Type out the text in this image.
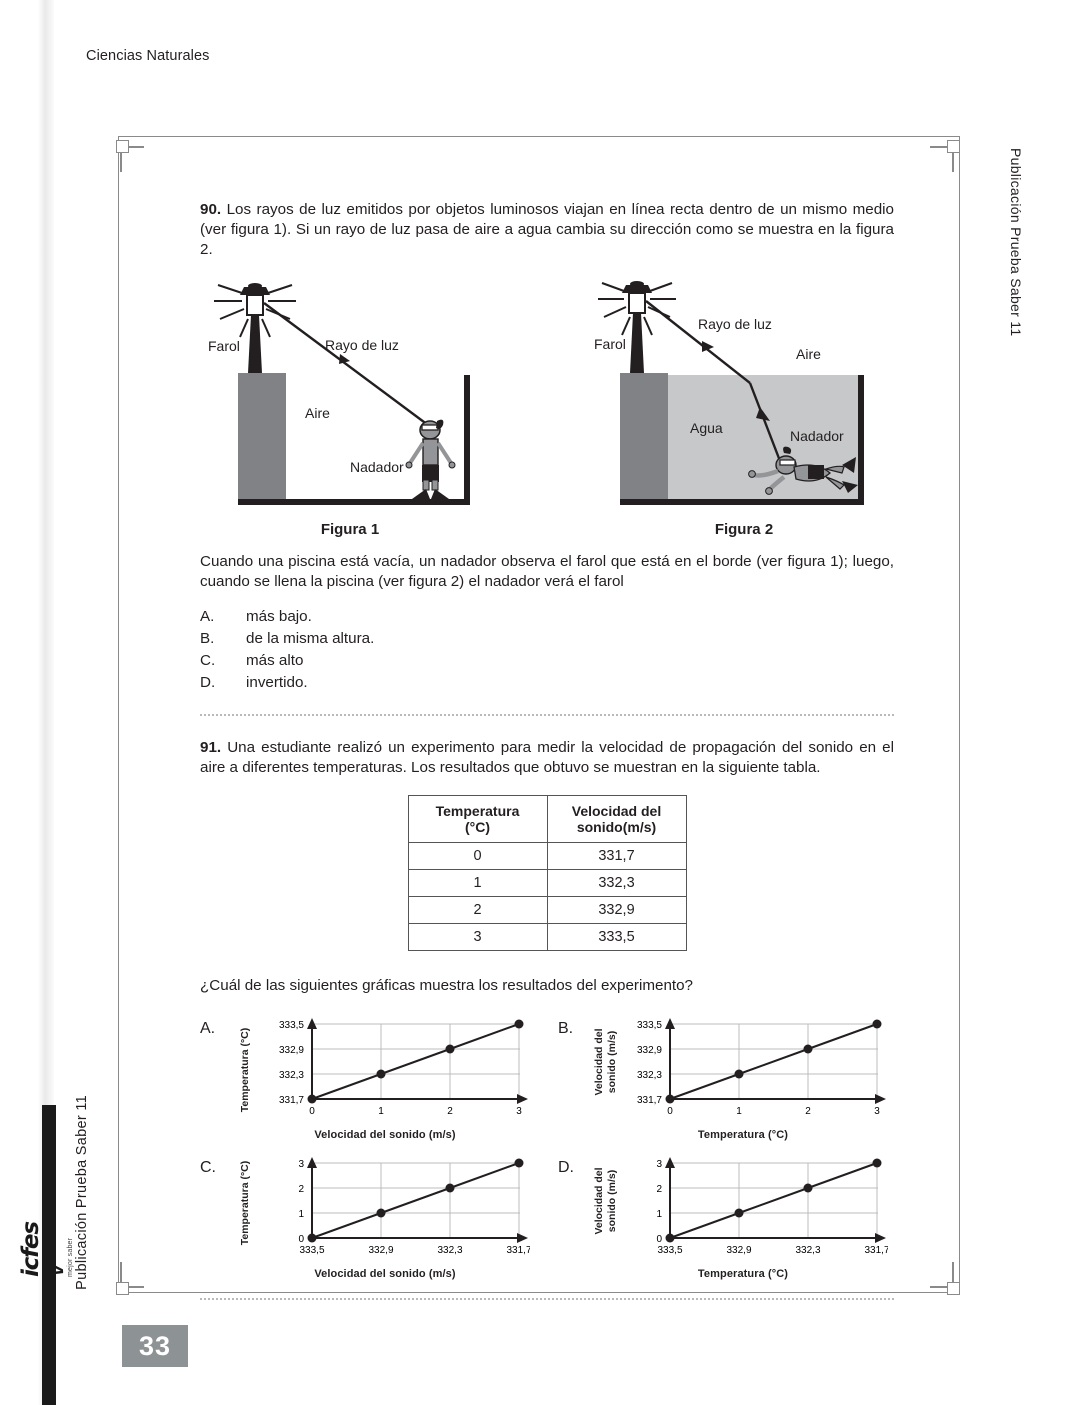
Ciencias Naturales
Publicación Prueba Saber 11
Publicación Prueba Saber 11
icfes\/ mejor saber
33
90. Los rayos de luz emitidos por objetos luminosos viajan en línea recta dentro de un mismo medio (ver figura 1). Si un rayo de luz pasa de aire a agua cambia su dirección como se muestra en la figura 2.
Farol	Rayo de luz
Aire
Nadador
Figura 1
Farol
Rayo de luz
Aire
Agua	Nadador
Figura 2
Cuando una piscina está vacía, un nadador observa el farol que está en el borde (ver figura 1); luego, cuando se llena la piscina (ver figura 2) el nadador verá el farol
A.	más bajo.
B.	de la misma altura.
C.	más alto
D.	invertido.
91. Una estudiante realizó un experimento para medir la velocidad de propagación del sonido en el aire a diferentes temperaturas. Los resultados que obtuvo se muestran en la siguiente tabla.
Temperatura
(°C)	Velocidad del
sonido(m/s)
0	331,7
1	332,3
2	332,9
3	333,5
¿Cuál de las siguientes gráficas muestra los resultados del experimento?
A.	Temperatura (°C)
333,5
332,9
332,3
331,7
0	1	2	3
Velocidad del sonido (m/s)
B.	Velocidad del sonido (m/s)
333,5
332,9
332,3
331,7
0	1	2	3
Temperatura (°C)
C.	Temperatura (°C)	3
2
1
0
333,5	332,9	332,3	331,7
Velocidad del sonido (m/s)
D.	Velocidad del sonido (m/s)
3
2
1
0
333,5	332,9	332,3	331,7
Temperatura (°C)
